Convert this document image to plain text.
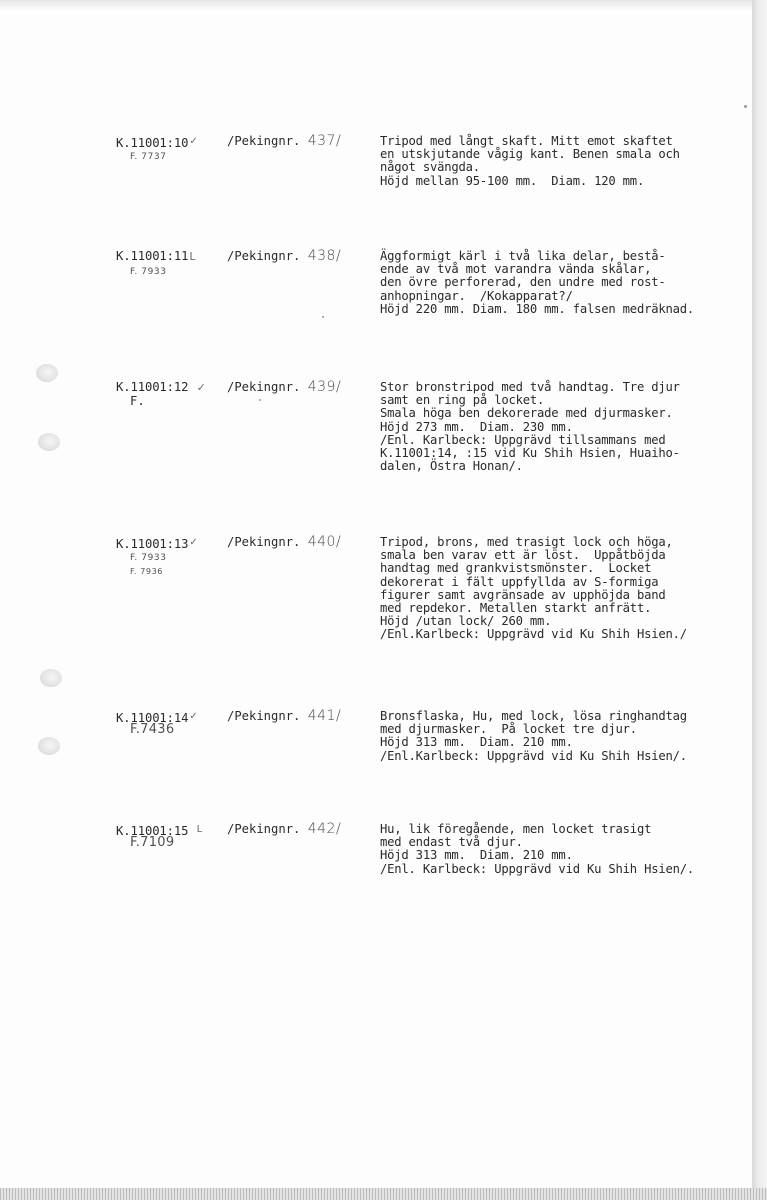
K.11001:10✓ /Pekingnr. 437/
F. 7737
Tripod med långt skaft. Mitt emot skaftet
en utskjutande vågig kant. Benen smala och
något svängda.
Höjd mellan 95-100 mm.  Diam. 120 mm.
K.11001:11L	/Pekingnr. 438/
F. 7933
Äggformigt kärl i två lika delar, bestå-
ende av två mot varandra vända skålar,
den övre perforerad, den undre med rost-
anhopningar.  /Kokapparat?/
Höjd 220 mm. Diam. 180 mm. falsen medräknad.
K.11001:12 ✓ /Pekingnr. 439/
F.
Stor bronstripod med två handtag. Tre djur
samt en ring på locket.
Smala höga ben dekorerade med djurmasker.
Höjd 273 mm.  Diam. 230 mm.
/Enl. Karlbeck: Uppgrävd tillsammans med
K.11001:14, :15 vid Ku Shih Hsien, Huaiho-
dalen, Östra Honan/.
K.11001:13✓ /Pekingnr. 440/
F. 7933
F. 7936
Tripod, brons, med trasigt lock och höga,
smala ben varav ett är löst.  Uppåtböjda
handtag med grankvistsmönster.  Locket
dekorerat i fält uppfyllda av S-formiga
figurer samt avgränsade av upphöjda band
med repdekor. Metallen starkt anfrätt.
Höjd /utan lock/ 260 mm.
/Enl.Karlbeck: Uppgrävd vid Ku Shih Hsien./
K.11001:14✓ /Pekingnr. 441/
F.7436
Bronsflaska, Hu, med lock, lösa ringhandtag
med djurmasker.  På locket tre djur.
Höjd 313 mm.  Diam. 210 mm.
/Enl.Karlbeck: Uppgrävd vid Ku Shih Hsien/.
K.11001:15 $^L$ /Pekingnr. 442/
F.7109
Hu, lik föregående, men locket trasigt
med endast två djur.
Höjd 313 mm.  Diam. 210 mm.
/Enl. Karlbeck: Uppgrävd vid Ku Shih Hsien/.
